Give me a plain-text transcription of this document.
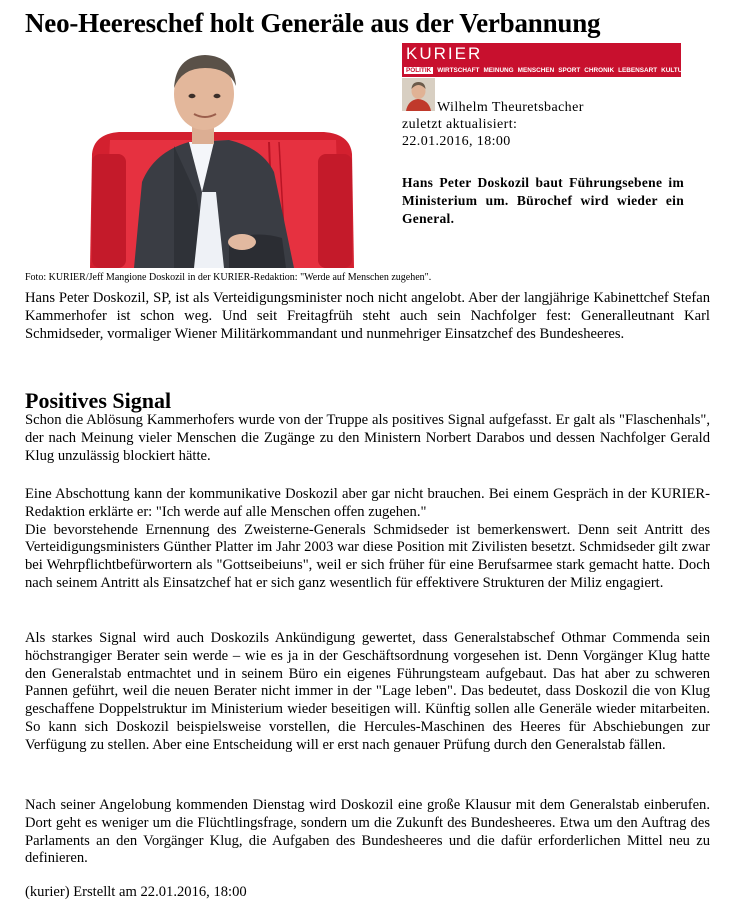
Neo-Heereschef holt Generäle aus der Verbannung
Foto: KURIER/Jeff Mangione Doskozil in der KURIER-Redaktion: "Werde auf Menschen zugehen".
KURIER
POLITIK WIRTSCHAFT MEINUNG MENSCHEN SPORT CHRONIK LEBENSART KULTUR KULT VIDEO
Wilhelm Theuretsbacher
zuletzt aktualisiert:
22.01.2016, 18:00
Hans Peter Doskozil baut Führungsebene im Ministerium um. Bürochef wird wieder ein General.
Hans Peter Doskozil, SP, ist als Verteidigungsminister noch nicht angelobt. Aber der langjährige Kabinettchef Stefan Kammerhofer ist schon weg. Und seit Freitagfrüh steht auch sein Nachfolger fest: Generalleutnant Karl Schmidseder, vormaliger Wiener Militärkommandant und nunmehriger Einsatzchef des Bundesheeres.
Positives Signal
Schon die Ablösung Kammerhofers wurde von der Truppe als positives Signal aufgefasst. Er galt als "Flaschenhals", der nach Meinung vieler Menschen die Zugänge zu den Ministern Norbert Darabos und dessen Nachfolger Gerald Klug unzulässig blockiert hätte.
Eine Abschottung kann der kommunikative Doskozil aber gar nicht brauchen. Bei einem Gespräch in der KURIER-Redaktion erklärte er: "Ich werde auf alle Menschen offen zugehen."
Die bevorstehende Ernennung des Zweisterne-Generals Schmidseder ist bemerkenswert. Denn seit Antritt des Verteidigungsministers Günther Platter im Jahr 2003 war diese Position mit Zivilisten besetzt. Schmidseder gilt zwar bei Wehrpflichtbefürwortern als "Gottseibeiuns", weil er sich früher für eine Berufsarmee stark gemacht hatte. Doch nach seinem Antritt als Einsatzchef hat er sich ganz wesentlich für effektivere Strukturen der Miliz engagiert.
Als starkes Signal wird auch Doskozils Ankündigung gewertet, dass Generalstabschef Othmar Commenda sein höchstrangiger Berater sein werde – wie es ja in der Geschäftsordnung vorgesehen ist. Denn Vorgänger Klug hatte den Generalstab entmachtet und in seinem Büro ein eigenes Führungsteam aufgebaut. Das hat aber zu schweren Pannen geführt, weil die neuen Berater nicht immer in der "Lage leben". Das bedeutet, dass Doskozil die von Klug geschaffene Doppelstruktur im Ministerium wieder beseitigen will. Künftig sollen alle Generäle wieder mitarbeiten. So kann sich Doskozil beispielsweise vorstellen, die Hercules-Maschinen des Heeres für Abschiebungen zur Verfügung zu stellen. Aber eine Entscheidung will er erst nach genauer Prüfung durch den Generalstab fällen.
Nach seiner Angelobung kommenden Dienstag wird Doskozil eine große Klausur mit dem Generalstab einberufen. Dort geht es weniger um die Flüchtlingsfrage, sondern um die Zukunft des Bundesheeres. Etwa um den Auftrag des Parlaments an den Vorgänger Klug, die Aufgaben des Bundesheeres und die dafür erforderlichen Mittel neu zu definieren.
(kurier) Erstellt am 22.01.2016, 18:00
